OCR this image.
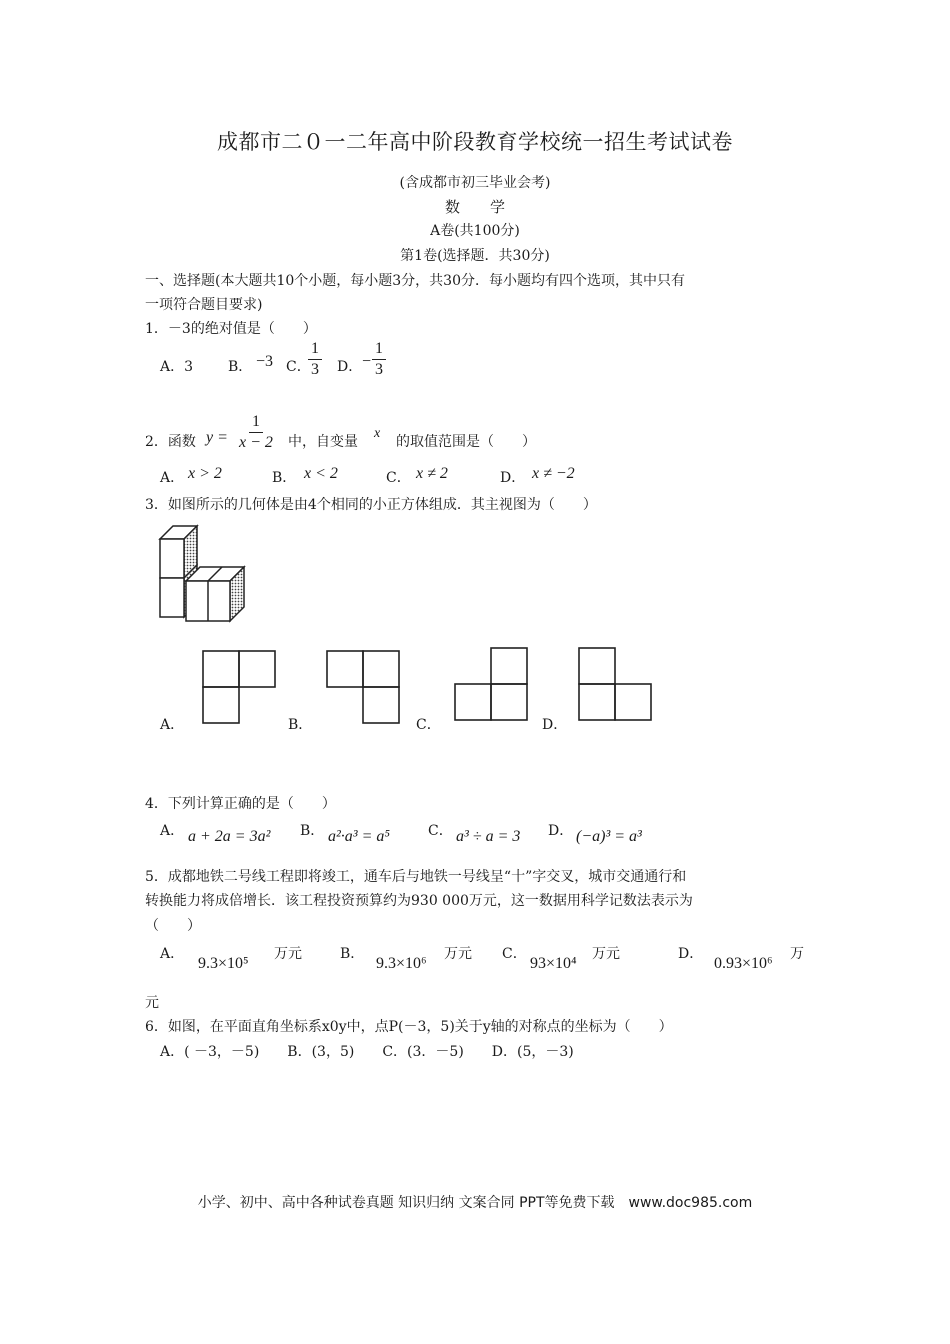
成都市二０一二年高中阶段教育学校统一招生考试试卷
(含成都市初三毕业会考)
数　　学
A卷(共100分)
第1卷(选择题．共30分)
一、选择题(本大题共10个小题，每小题3分，共30分．每小题均有四个选项，其中只有
一项符合题目要求)
1．－3的绝对值是（　　）
A．3 B． −3 C．
$\frac{1}{3}$ D． − $\frac{1}{3}$
2．函数 $y = \frac{1}{x - 2}$ 中，自变量
x
的取值范围是（　　）
A． x > 2	B． x < 2	C． x ≠ 2	D． x ≠ −2
3．如图所示的几何体是由4个相同的小正方体组成．其主视图为（　　）
A．	B．	C．	D．
4．下列计算正确的是（　　）
A． a + 2a = 3a² B． a²·a³ = a⁵	C． a³ ÷ a = 3 D． (−a)³ = a³
5．成都地铁二号线工程即将竣工，通车后与地铁一号线呈“十”字交叉，城市交通通行和
转换能力将成倍增长．该工程投资预算约为930 000万元，这一数据用科学记数法表示为
（　　）
A．
9.3×10⁵
万元	B．
9.3×10⁶
万元 C．
93×10⁴
万元	D．
0.93×10⁶
万
元
6．如图，在平面直角坐标系x0y中，点P(－3，5)关于y轴的对称点的坐标为（　　）
A．( －3，－5)　　B．(3，5)　　C．(3．－5)　　D．(5，－3)
小学、初中、高中各种试卷真题 知识归纳 文案合同 PPT等免费下载　www.doc985.com
